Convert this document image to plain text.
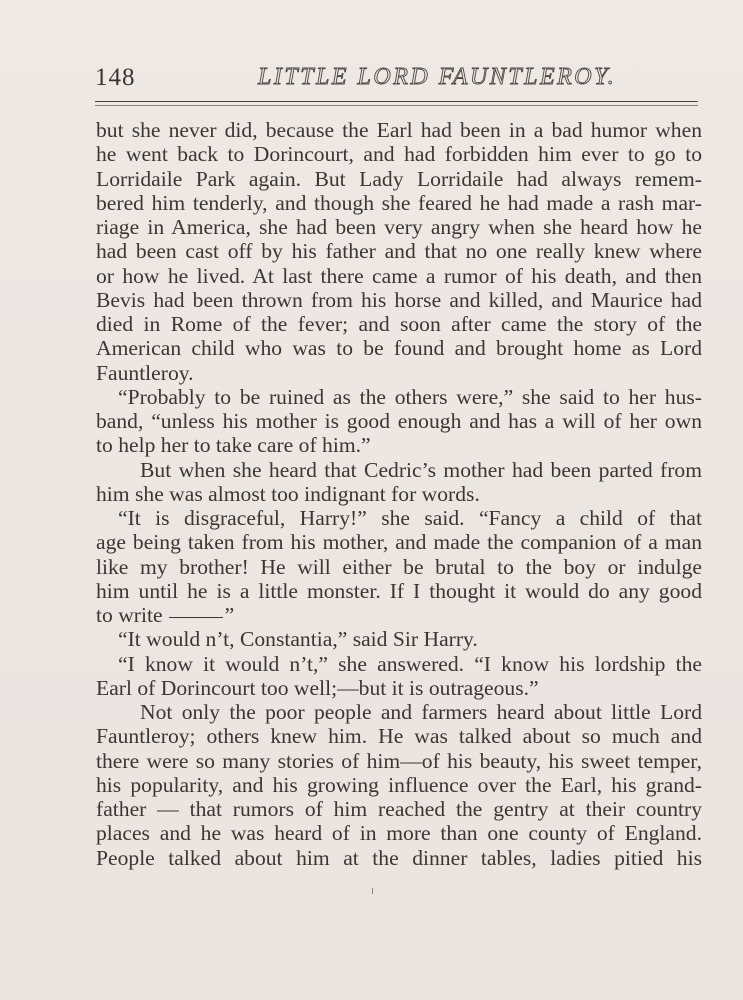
148	LITTLE LORD FAUNTLEROY.
but she never did, because the Earl had been in a bad humor when
he went back to Dorincourt, and had forbidden him ever to go to
Lorridaile Park again. But Lady Lorridaile had always remem-
bered him tenderly, and though she feared he had made a rash mar-
riage in America, she had been very angry when she heard how he
had been cast off by his father and that no one really knew where
or how he lived. At last there came a rumor of his death, and then
Bevis had been thrown from his horse and killed, and Maurice had
died in Rome of the fever; and soon after came the story of the
American child who was to be found and brought home as Lord
Fauntleroy.
“Probably to be ruined as the others were,” she said to her hus-
band, “unless his mother is good enough and has a will of her own
to help her to take care of him.”
But when she heard that Cedric’s mother had been parted from
him she was almost too indignant for words.
“It is disgraceful, Harry!” she said. “Fancy a child of that
age being taken from his mother, and made the companion of a man
like my brother! He will either be brutal to the boy or indulge
him until he is a little monster. If I thought it would do any good
to write	”
“It would n’t, Constantia,” said Sir Harry.
“I know it would n’t,” she answered. “I know his lordship the
Earl of Dorincourt too well;—but it is outrageous.”
Not only the poor people and farmers heard about little Lord
Fauntleroy; others knew him. He was talked about so much and
there were so many stories of him—of his beauty, his sweet temper,
his popularity, and his growing influence over the Earl, his grand-
father — that rumors of him reached the gentry at their country
places and he was heard of in more than one county of England.
People talked about him at the dinner tables, ladies pitied his
